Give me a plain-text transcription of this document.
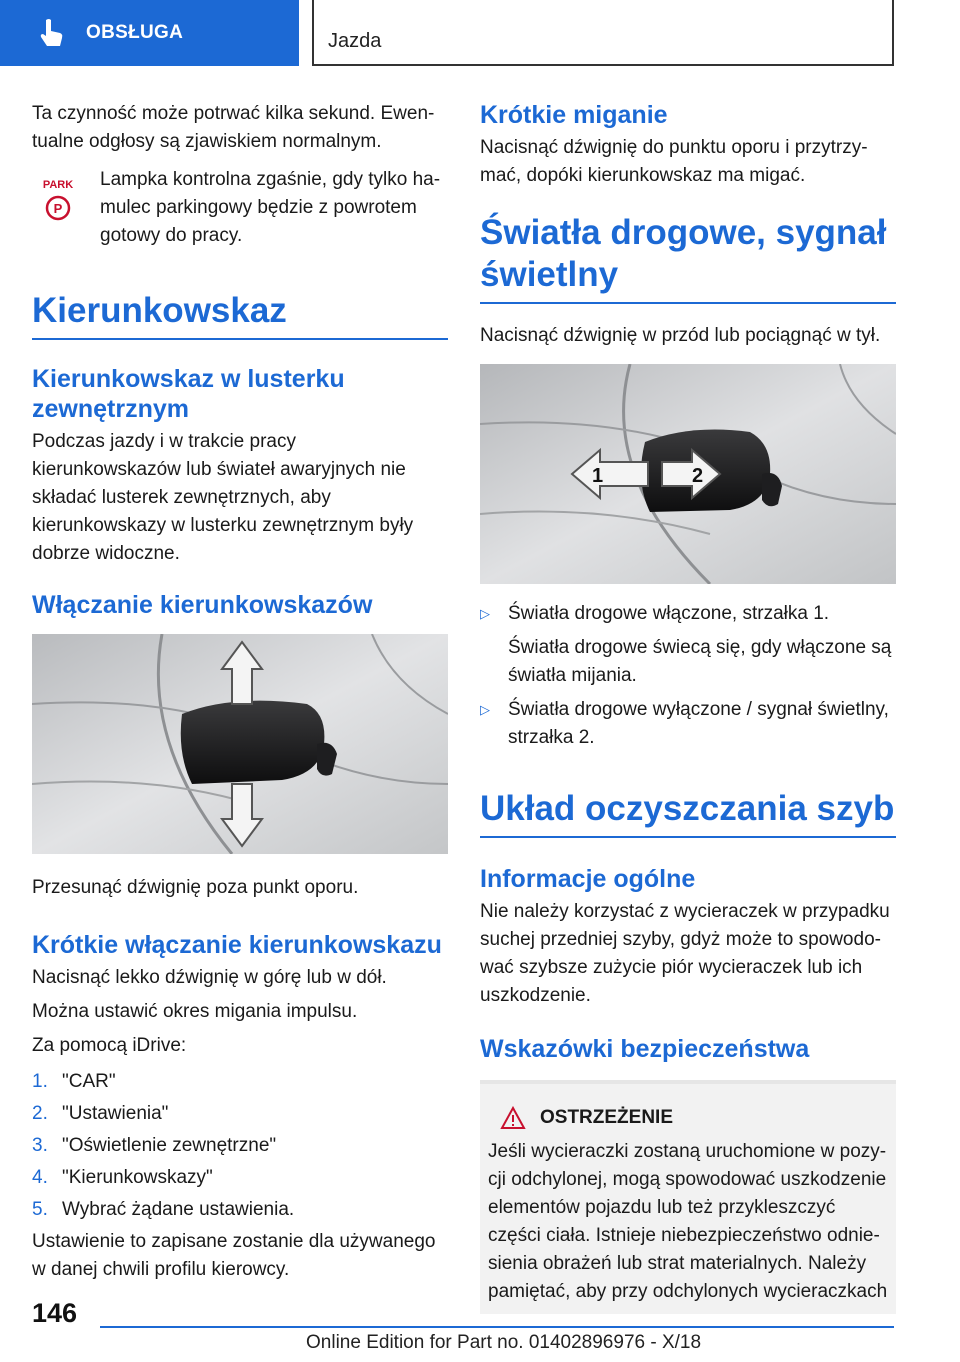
OBSŁUGA	Jazda

Ta czynność może potrwać kilka sekund. Ewentualne odgłosy są zjawiskiem normalnym.

PARK
P
Lampka kontrolna zgaśnie, gdy tylko hamulec parkingowy będzie z powrotem gotowy do pracy.
Kierunkowskaz
Kierunkowskaz w lusterku zewnętrznym

Podczas jazdy i w trakcie pracy kierunkowskazów lub świateł awaryjnych nie składać lusterek zewnętrznych, aby kierunkowskazy w lusterku zewnętrznym były dobrze widoczne.

Włączanie kierunkowskazów

Przesunąć dźwignię poza punkt oporu.

Krótkie włączanie kierunkowskazu

Nacisnąć lekko dźwignię w górę lub w dół.

Można ustawić okres migania impulsu.

Za pomocą iDrive:

1. "CAR"
2. "Ustawienia"
3. "Oświetlenie zewnętrzne"
4. "Kierunkowskazy"
5. Wybrać żądane ustawienia.

Ustawienie to zapisane zostanie dla używanego w danej chwili profilu kierowcy.

Krótkie miganie

Nacisnąć dźwignię do punktu oporu i przytrzymać, dopóki kierunkowskaz ma migać.

Światła drogowe, sygnał świetlny

Nacisnąć dźwignię w przód lub pociągnąć w tył.

1	2
▷ Światła drogowe włączone, strzałka 1.
Światła drogowe świecą się, gdy włączone są światła mijania.
▷ Światła drogowe wyłączone / sygnał świetlny, strzałka 2.
Układ oczyszczania szyb
Informacje ogólne

Nie należy korzystać z wycieraczek w przypadku suchej przedniej szyby, gdyż może to spowodować szybsze zużycie piór wycieraczek lub ich uszkodzenie.

Wskazówki bezpieczeństwa
OSTRZEŻENIE
Jeśli wycieraczki zostaną uruchomione w pozycji odchylonej, mogą spowodować uszkodzenie elementów pojazdu lub też przykleszczyć części ciała. Istnieje niebezpieczeństwo odniesienia obrażeń lub strat materialnych. Należy pamiętać, aby przy odchylonych wycieraczkach
146
Online Edition for Part no. 01402896976 - X/18
